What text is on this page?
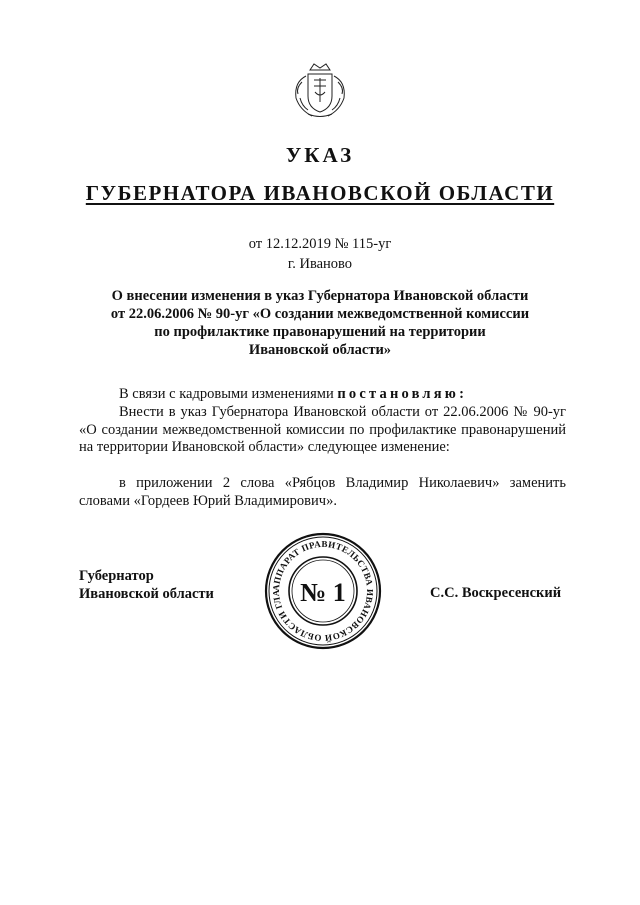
УКАЗ
ГУБЕРНАТОРА ИВАНОВСКОЙ ОБЛАСТИ
от 12.12.2019 № 115-уг
г. Иваново
О внесении изменения в указ Губернатора Ивановской области
от 22.06.2006 № 90-уг «О создании межведомственной комиссии
по профилактике правонарушений на территории
Ивановской области»

В связи с кадровыми изменениями постановляю:

Внести в указ Губернатора Ивановской области от 22.06.2006 № 90-уг «О создании межведомственной комиссии по профилактике правонарушений на территории Ивановской области» следующее изменение:

в приложении 2 слова «Рябцов Владимир Николаевич» заменить словами «Гордеев Юрий Владимирович».

АППАРАТ ПРАВИТЕЛЬСТВА ИВАНОВСКОЙ ОБЛАСТИ ГЛА № 1
Губернатор
Ивановской области	С.С. Воскресенский
